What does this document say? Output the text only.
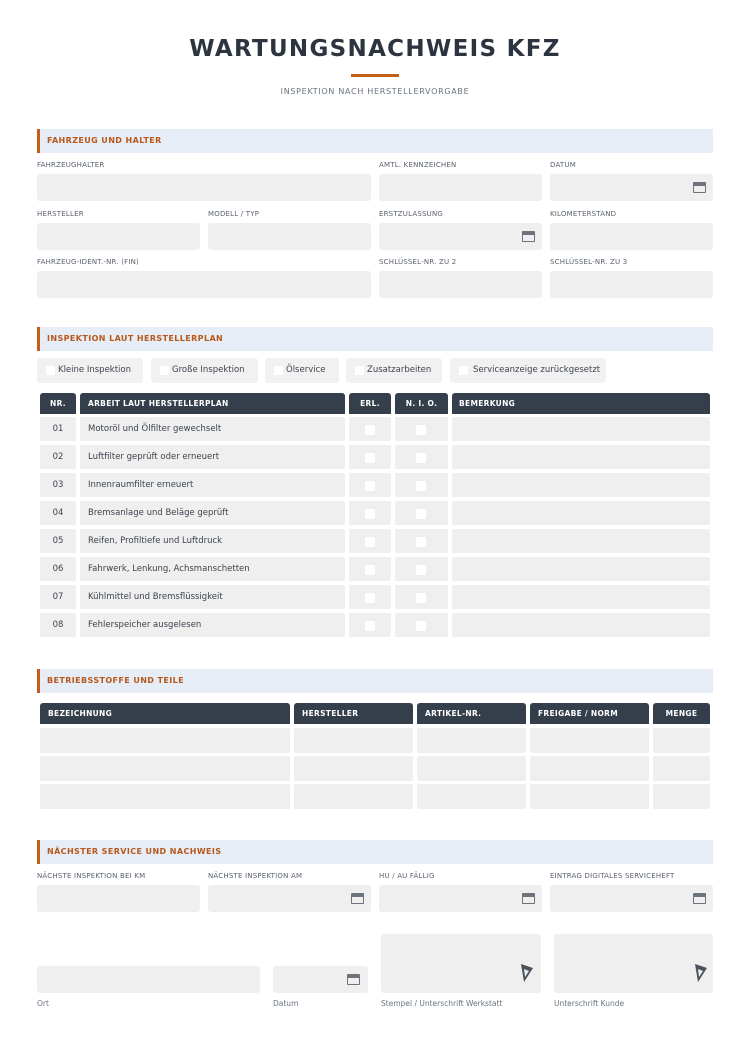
WARTUNGSNACHWEIS KFZ
INSPEKTION NACH HERSTELLERVORGABE
FAHRZEUG UND HALTER
FAHRZEUGHALTER	AMTL. KENNZEICHEN	DATUM
HERSTELLER	MODELL / TYP	ERSTZULASSUNG	KILOMETERSTAND
FAHRZEUG-IDENT.-NR. (FIN)	SCHLÜSSEL-NR. ZU 2	SCHLÜSSEL-NR. ZU 3
INSPEKTION LAUT HERSTELLERPLAN
Kleine Inspektion	Große Inspektion	Ölservice	Zusatzarbeiten	Serviceanzeige zurückgesetzt
NR.	ARBEIT LAUT HERSTELLERPLAN	ERL.	N. I. O.	BEMERKUNG
01	Motoröl und Ölfilter gewechselt
02	Luftfilter geprüft oder erneuert
03	Innenraumfilter erneuert
04	Bremsanlage und Beläge geprüft
05	Reifen, Profiltiefe und Luftdruck
06	Fahrwerk, Lenkung, Achsmanschetten
07	Kühlmittel und Bremsflüssigkeit
08	Fehlerspeicher ausgelesen
BETRIEBSSTOFFE UND TEILE
BEZEICHNUNG	HERSTELLER	ARTIKEL-NR.	FREIGABE / NORM	MENGE
NÄCHSTER SERVICE UND NACHWEIS
NÄCHSTE INSPEKTION BEI KM	NÄCHSTE INSPEKTION AM	HU / AU FÄLLIG	EINTRAG DIGITALES SERVICEHEFT
Ort	Datum	Stempel / Unterschrift Werkstatt	Unterschrift Kunde
